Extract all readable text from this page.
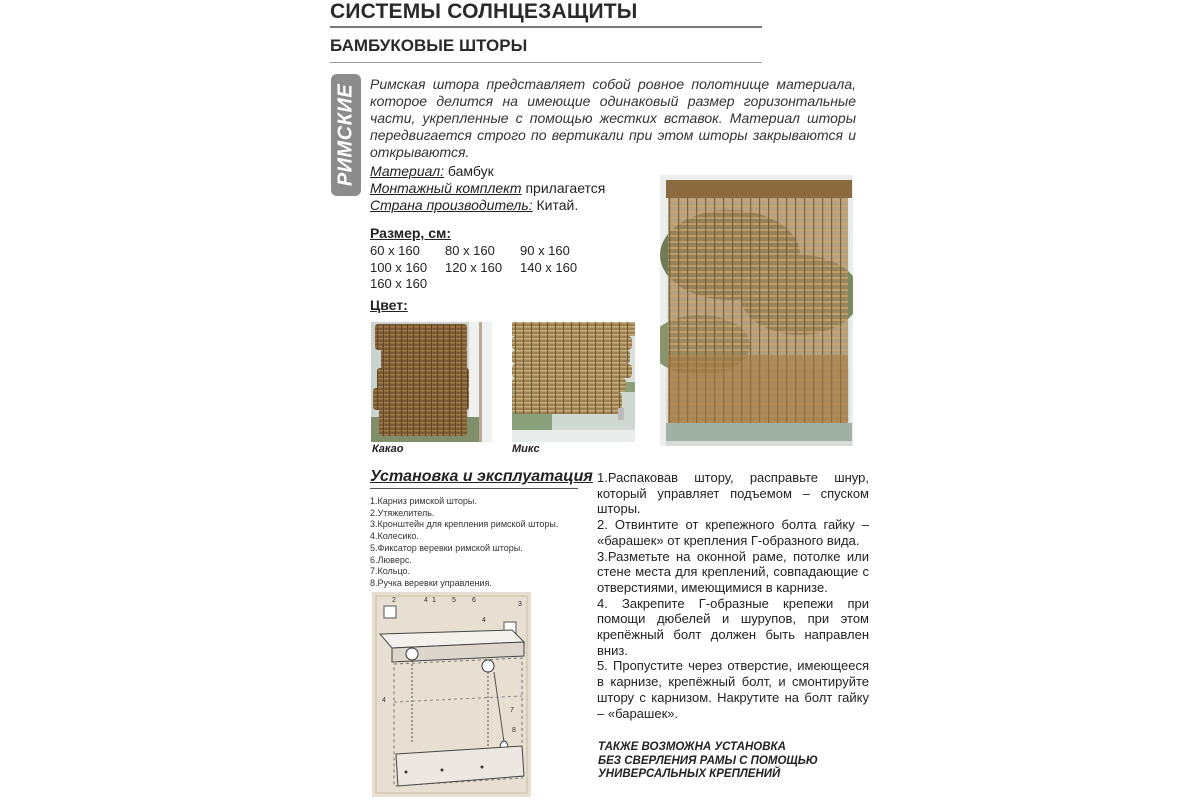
СИСТЕМЫ СОЛНЦЕЗАЩИТЫ
БАМБУКОВЫЕ ШТОРЫ
РИМСКИЕ Римская штора представляет собой ровное полотнище материала, которое делится на имеющие одинаковый размер горизонтальные части, укрепленные с помощью жестких вставок. Материал шторы передвигается строго по вертикали при этом шторы закрываются и открываются.
Материал: бамбук
Монтажный комплект прилагается
Страна производитель: Китай.
Размер, см:
60 x 160 80 x 160 90 x 160
100 x 160 120 x 160 140 x 160
160 x 160
Цвет:
Какао	Микс
Установка и эксплуатация
1.Карниз римской шторы.
2.Утяжелитель.
3.Кронштейн для крепления римской шторы.
4.Колесико.
5.Фиксатор веревки римской шторы.
6.Люверс.
7.Кольцо.
8.Ручка веревки управления.
2	4 1 5 6
3
4
7
8
4
1.Распаковав штору, расправьте шнур, который управляет подъемом – спуском шторы.
2. Отвинтите от крепежного болта гайку – «барашек» от крепления Г-образного вида.
3.Разметьте на оконной раме, потолке или стене места для креплений, совпадающие с отверстиями, имеющимися в карнизе.
4. Закрепите Г-образные крепежи при помощи дюбелей и шурупов, при этом крепёжный болт должен быть направлен вниз.
5. Пропустите через отверстие, имеющееся в карнизе, крепёжный болт, и смонтируйте штору с карнизом. Накрутите на болт гайку – «барашек».
ТАКЖЕ ВОЗМОЖНА УСТАНОВКА
БЕЗ СВЕРЛЕНИЯ РАМЫ С ПОМОЩЬЮ
УНИВЕРСАЛЬНЫХ КРЕПЛЕНИЙ
